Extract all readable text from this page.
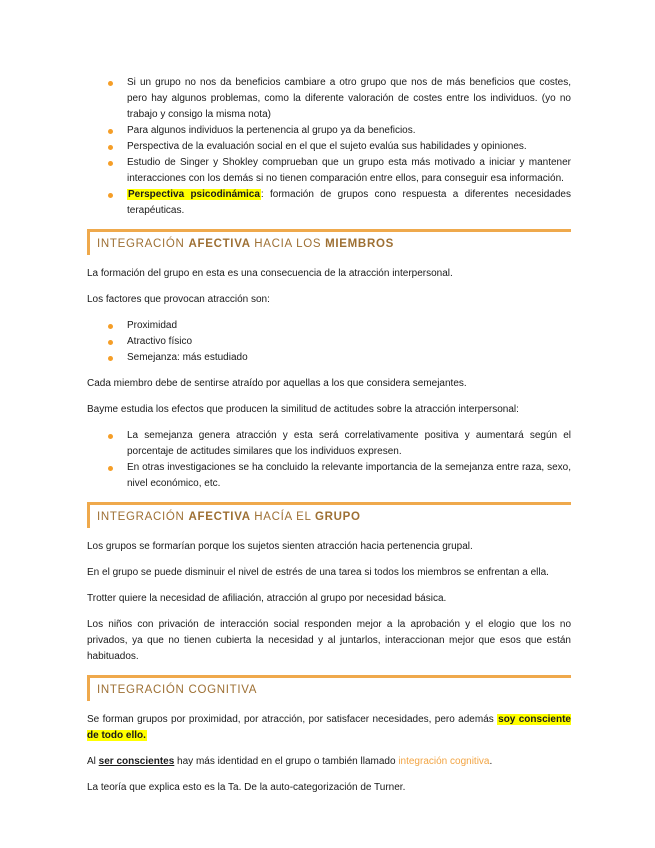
Si un grupo no nos da beneficios cambiare a otro grupo que nos de más beneficios que costes, pero hay algunos problemas, como la diferente valoración de costes entre los individuos. (yo no trabajo y consigo la misma nota)
Para algunos individuos la pertenencia al grupo ya da beneficios.
Perspectiva de la evaluación social en el que el sujeto evalúa sus habilidades y opiniones.
Estudio de Singer y Shokley comprueban que un grupo esta más motivado a iniciar y mantener interacciones con los demás si no tienen comparación entre ellos, para conseguir esa información.
Perspectiva psicodinámica: formación de grupos cono respuesta a diferentes necesidades terapéuticas.
INTEGRACIÓN AFECTIVA HACIA LOS MIEMBROS

La formación del grupo en esta es una consecuencia de la atracción interpersonal.

Los factores que provocan atracción son:

Proximidad
Atractivo físico
Semejanza: más estudiado

Cada miembro debe de sentirse atraído por aquellas a los que considera semejantes.

Bayme estudia los efectos que producen la similitud de actitudes sobre la atracción interpersonal:

La semejanza genera atracción y esta será correlativamente positiva y aumentará según el porcentaje de actitudes similares que los individuos expresen.
En otras investigaciones se ha concluido la relevante importancia de la semejanza entre raza, sexo, nivel económico, etc.
INTEGRACIÓN AFECTIVA HACÍA EL GRUPO

Los grupos se formarían porque los sujetos sienten atracción hacia pertenencia grupal.

En el grupo se puede disminuir el nivel de estrés de una tarea si todos los miembros se enfrentan a ella.

Trotter quiere la necesidad de afiliación, atracción al grupo por necesidad básica.

Los niños con privación de interacción social responden mejor a la aprobación y el elogio que los no privados, ya que no tienen cubierta la necesidad y al juntarlos, interaccionan mejor que esos que están habituados.

INTEGRACIÓN COGNITIVA

Se forman grupos por proximidad, por atracción, por satisfacer necesidades, pero además soy consciente de todo ello.

Al ser conscientes hay más identidad en el grupo o también llamado integración cognitiva.

La teoría que explica esto es la Ta. De la auto-categorización de Turner.
